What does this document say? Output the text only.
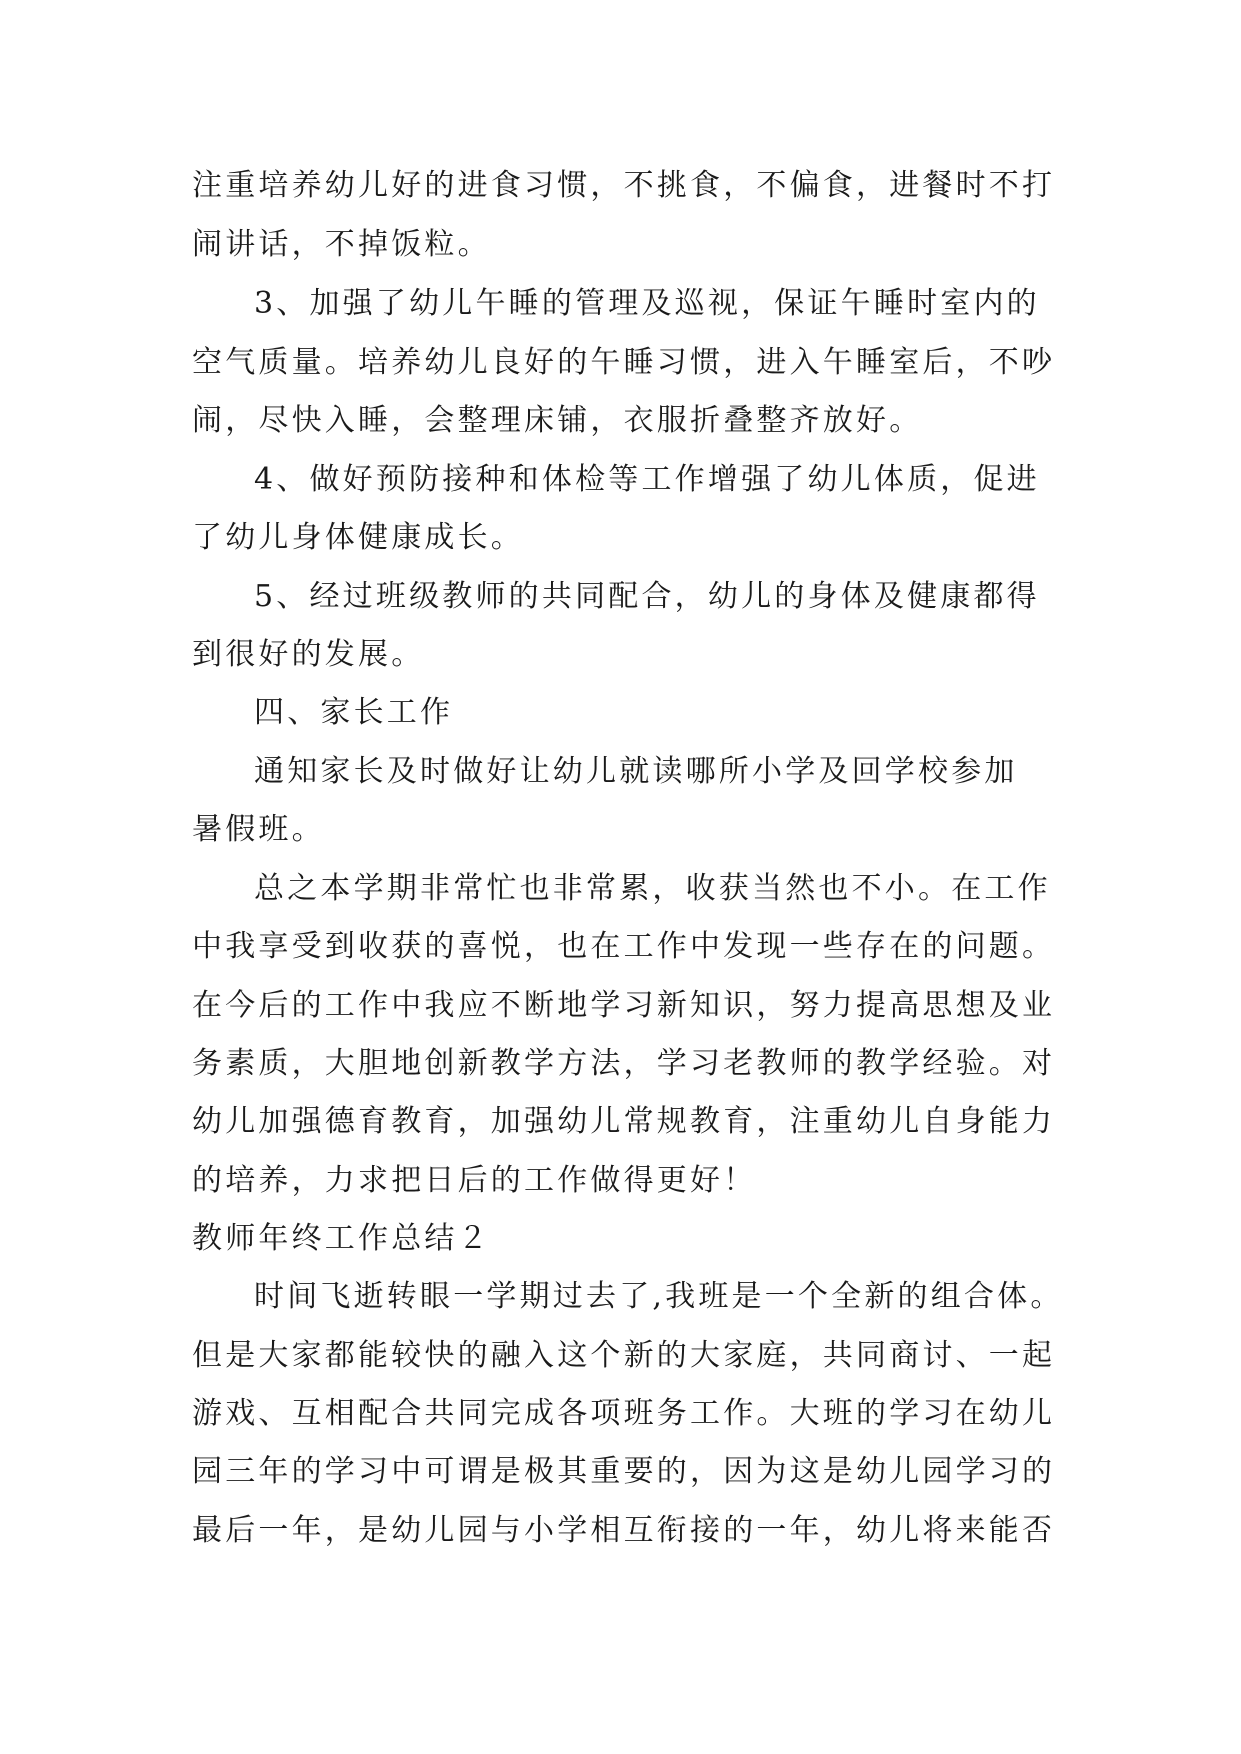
注重培养幼儿好的进食习惯，不挑食，不偏食，进餐时不打
闹讲话，不掉饭粒。
3、加强了幼儿午睡的管理及巡视，保证午睡时室内的
空气质量。培养幼儿良好的午睡习惯，进入午睡室后，不吵
闹，尽快入睡，会整理床铺，衣服折叠整齐放好。
4、做好预防接种和体检等工作增强了幼儿体质，促进
了幼儿身体健康成长。
5、经过班级教师的共同配合，幼儿的身体及健康都得
到很好的发展。
四、家长工作
通知家长及时做好让幼儿就读哪所小学及回学校参加
暑假班。
总之本学期非常忙也非常累，收获当然也不小。在工作
中我享受到收获的喜悦，也在工作中发现一些存在的问题。
在今后的工作中我应不断地学习新知识，努力提高思想及业
务素质，大胆地创新教学方法，学习老教师的教学经验。对
幼儿加强德育教育，加强幼儿常规教育，注重幼儿自身能力
的培养，力求把日后的工作做得更好！
教师年终工作总结２
时间飞逝转眼一学期过去了,我班是一个全新的组合体。
但是大家都能较快的融入这个新的大家庭，共同商讨、一起
游戏、互相配合共同完成各项班务工作。大班的学习在幼儿
园三年的学习中可谓是极其重要的，因为这是幼儿园学习的
最后一年，是幼儿园与小学相互衔接的一年，幼儿将来能否
